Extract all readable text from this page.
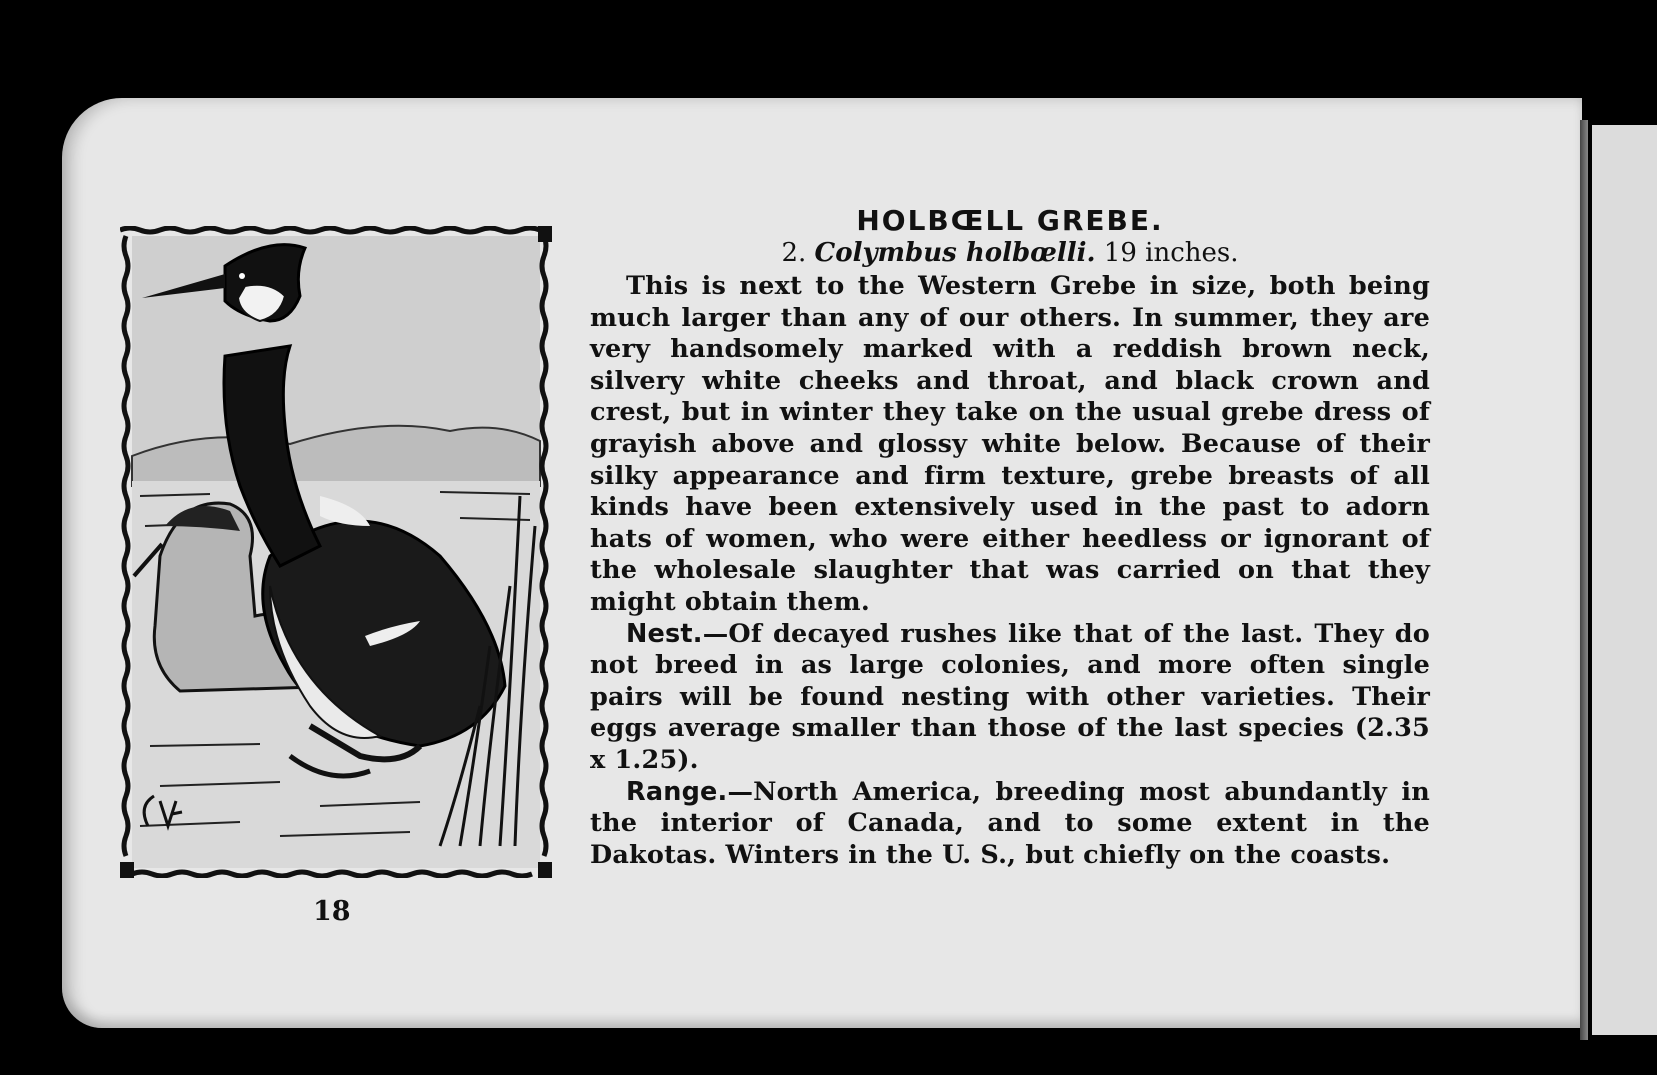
18

HOLBŒLL GREBE.

2. Colymbus holbœlli. 19 inches.

This is next to the Western Grebe in size, both being much larger than any of our others. In summer, they are very handsomely marked with a reddish brown neck, silvery white cheeks and throat, and black crown and crest, but in winter they take on the usual grebe dress of grayish above and glossy white below. Because of their silky appearance and firm texture, grebe breasts of all kinds have been extensively used in the past to adorn hats of women, who were either heedless or ignorant of the wholesale slaughter that was carried on that they might obtain them.

Nest.—Of decayed rushes like that of the last. They do not breed in as large colonies, and more often single pairs will be found nesting with other varieties. Their eggs average smaller than those of the last species (2.35 x 1.25).

Range.—North America, breeding most abundantly in the interior of Canada, and to some extent in the Dakotas. Winters in the U. S., but chiefly on the coasts.
